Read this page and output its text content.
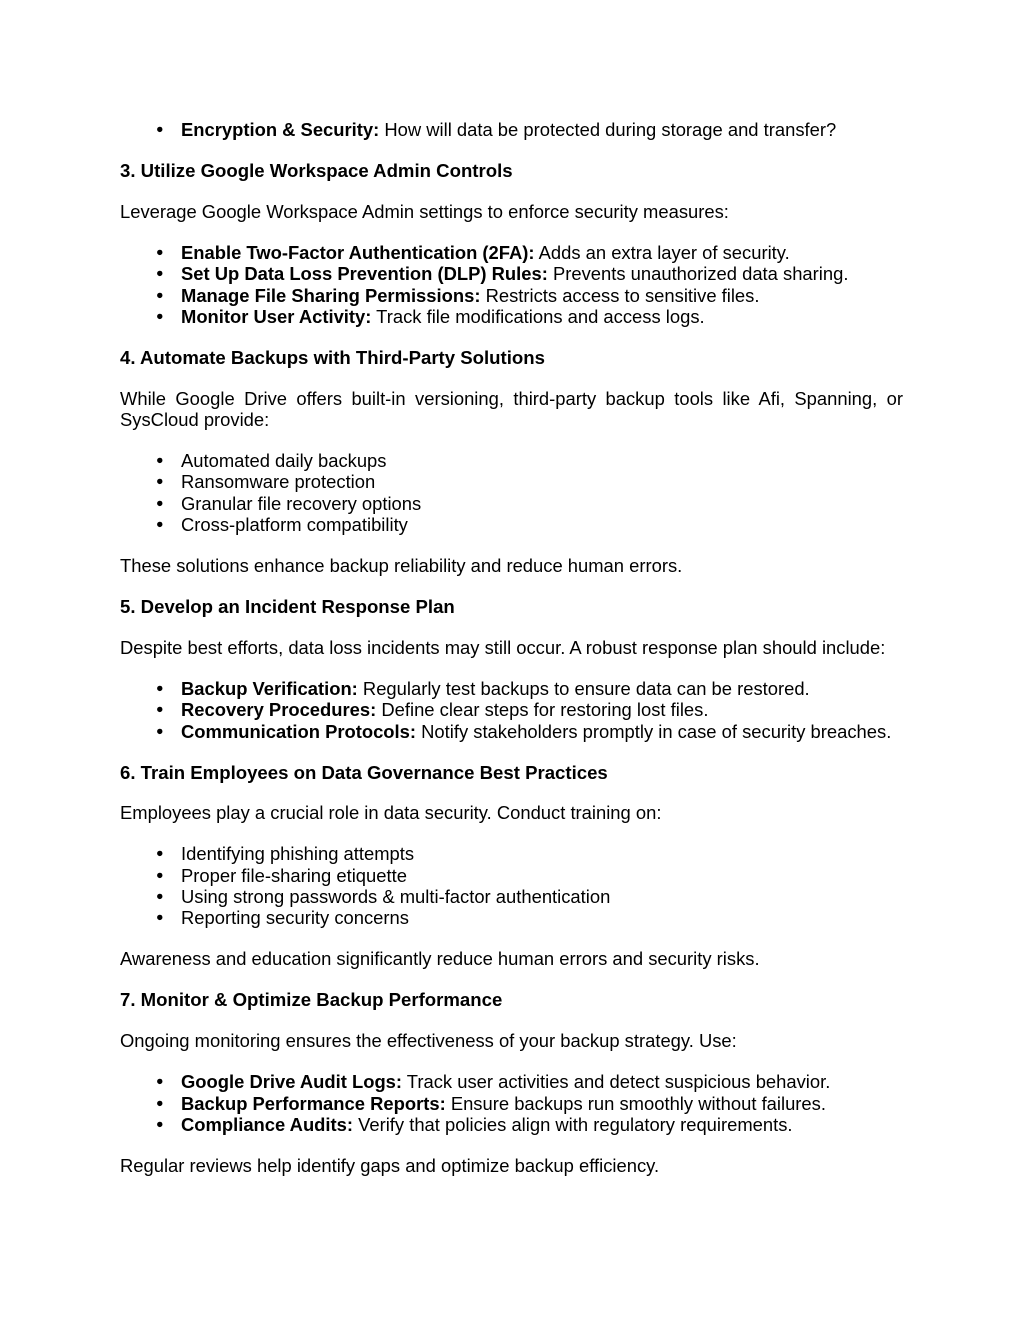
● Encryption & Security: How will data be protected during storage and transfer?
3. Utilize Google Workspace Admin Controls

Leverage Google Workspace Admin settings to enforce security measures:

● Enable Two-Factor Authentication (2FA): Adds an extra layer of security.
● Set Up Data Loss Prevention (DLP) Rules: Prevents unauthorized data sharing.
● Manage File Sharing Permissions: Restricts access to sensitive files.
● Monitor User Activity: Track file modifications and access logs.
4. Automate Backups with Third-Party Solutions

While Google Drive offers built-in versioning, third-party backup tools like Afi, Spanning, or SysCloud provide:

● Automated daily backups
● Ransomware protection
● Granular file recovery options
● Cross-platform compatibility

These solutions enhance backup reliability and reduce human errors.

5. Develop an Incident Response Plan

Despite best efforts, data loss incidents may still occur. A robust response plan should include:

● Backup Verification: Regularly test backups to ensure data can be restored.
● Recovery Procedures: Define clear steps for restoring lost files.
● Communication Protocols: Notify stakeholders promptly in case of security breaches.
6. Train Employees on Data Governance Best Practices

Employees play a crucial role in data security. Conduct training on:

● Identifying phishing attempts
● Proper file-sharing etiquette
● Using strong passwords & multi-factor authentication
● Reporting security concerns

Awareness and education significantly reduce human errors and security risks.

7. Monitor & Optimize Backup Performance

Ongoing monitoring ensures the effectiveness of your backup strategy. Use:

● Google Drive Audit Logs: Track user activities and detect suspicious behavior.
● Backup Performance Reports: Ensure backups run smoothly without failures.
● Compliance Audits: Verify that policies align with regulatory requirements.

Regular reviews help identify gaps and optimize backup efficiency.
